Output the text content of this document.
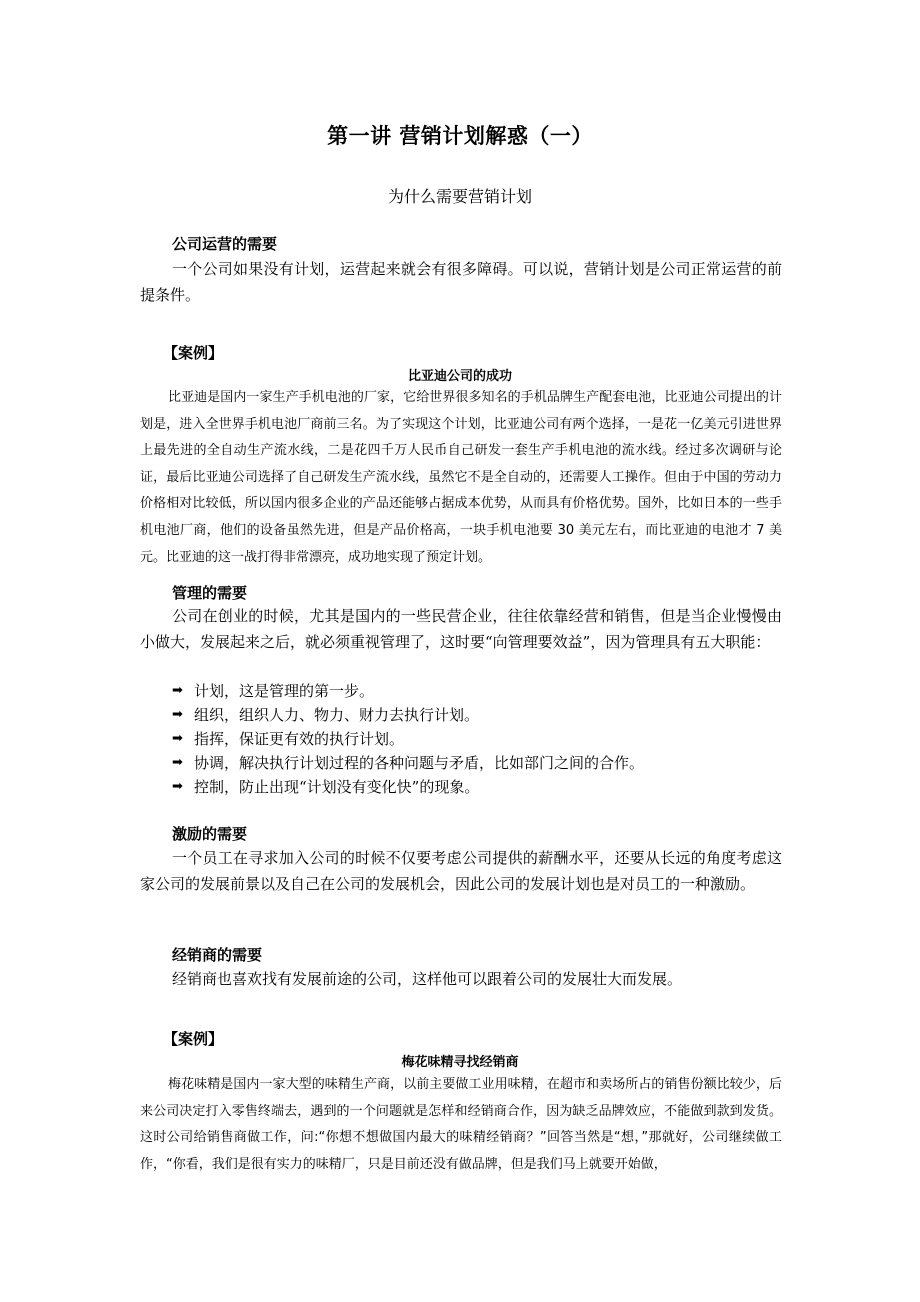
第一讲 营销计划解惑（一）
为什么需要营销计划
公司运营的需要
一个公司如果没有计划，运营起来就会有很多障碍。可以说，营销计划是公司正常运营的前提条件。
【案例】
比亚迪公司的成功
比亚迪是国内一家生产手机电池的厂家，它给世界很多知名的手机品牌生产配套电池，比亚迪公司提出的计划是，进入全世界手机电池厂商前三名。为了实现这个计划，比亚迪公司有两个选择，一是花一亿美元引进世界上最先进的全自动生产流水线，二是花四千万人民币自己研发一套生产手机电池的流水线。经过多次调研与论证，最后比亚迪公司选择了自己研发生产流水线，虽然它不是全自动的，还需要人工操作。但由于中国的劳动力价格相对比较低，所以国内很多企业的产品还能够占据成本优势，从而具有价格优势。国外，比如日本的一些手机电池厂商，他们的设备虽然先进，但是产品价格高，一块手机电池要 30 美元左右，而比亚迪的电池才 7 美元。比亚迪的这一战打得非常漂亮，成功地实现了预定计划。
管理的需要
公司在创业的时候，尤其是国内的一些民营企业，往往依靠经营和销售，但是当企业慢慢由小做大，发展起来之后，就必须重视管理了，这时要“向管理要效益”，因为管理具有五大职能：
➡ 计划，这是管理的第一步。
➡ 组织，组织人力、物力、财力去执行计划。
➡ 指挥，保证更有效的执行计划。
➡ 协调，解决执行计划过程的各种问题与矛盾，比如部门之间的合作。
➡ 控制，防止出现“计划没有变化快”的现象。
激励的需要
一个员工在寻求加入公司的时候不仅要考虑公司提供的薪酬水平，还要从长远的角度考虑这家公司的发展前景以及自己在公司的发展机会，因此公司的发展计划也是对员工的一种激励。
经销商的需要
经销商也喜欢找有发展前途的公司，这样他可以跟着公司的发展壮大而发展。
【案例】
梅花味精寻找经销商
梅花味精是国内一家大型的味精生产商，以前主要做工业用味精，在超市和卖场所占的销售份额比较少，后来公司决定打入零售终端去，遇到的一个问题就是怎样和经销商合作，因为缺乏品牌效应，不能做到款到发货。这时公司给销售商做工作，问:“你想不想做国内最大的味精经销商？”回答当然是“想，”那就好，公司继续做工作，“你看，我们是很有实力的味精厂，只是目前还没有做品牌，但是我们马上就要开始做，
